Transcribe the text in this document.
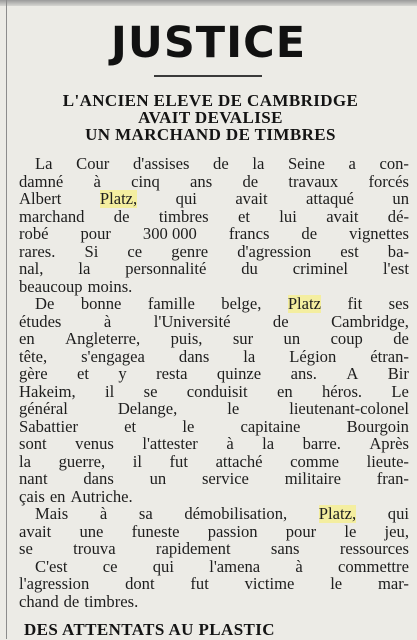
JUSTICE
L'ANCIEN ELEVE DE CAMBRIDGE
AVAIT DEVALISE
UN MARCHAND DE TIMBRES
La Cour d'assises de la Seine a con-
damné à cinq ans de travaux forcés
Albert Platz, qui avait attaqué un
marchand de timbres et lui avait dé-
robé pour 300 000 francs de vignettes
rares. Si ce genre d'agression est ba-
nal, la personnalité du criminel l'est
beaucoup moins.
De bonne famille belge, Platz fit ses
études	à	l'Université	de	Cambridge,
en Angleterre, puis, sur un coup de
tête, s'engagea dans la Légion étran-
gère et y resta quinze ans. A Bir
Hakeim, il se conduisit en héros. Le
général	Delange,	le	lieutenant-colonel
Sabattier	et	le	capitaine	Bourgoin
sont venus l'attester à la barre. Après
la guerre, il fut attaché comme lieute-
nant dans un service militaire fran-
çais en Autriche.
Mais à sa démobilisation, Platz, qui
avait une funeste passion pour le jeu,
se trouva rapidement sans ressources
C'est ce qui l'amena à commettre
l'agression dont fut victime le mar-
chand de timbres.
DES ATTENTATS AU PLASTIC
